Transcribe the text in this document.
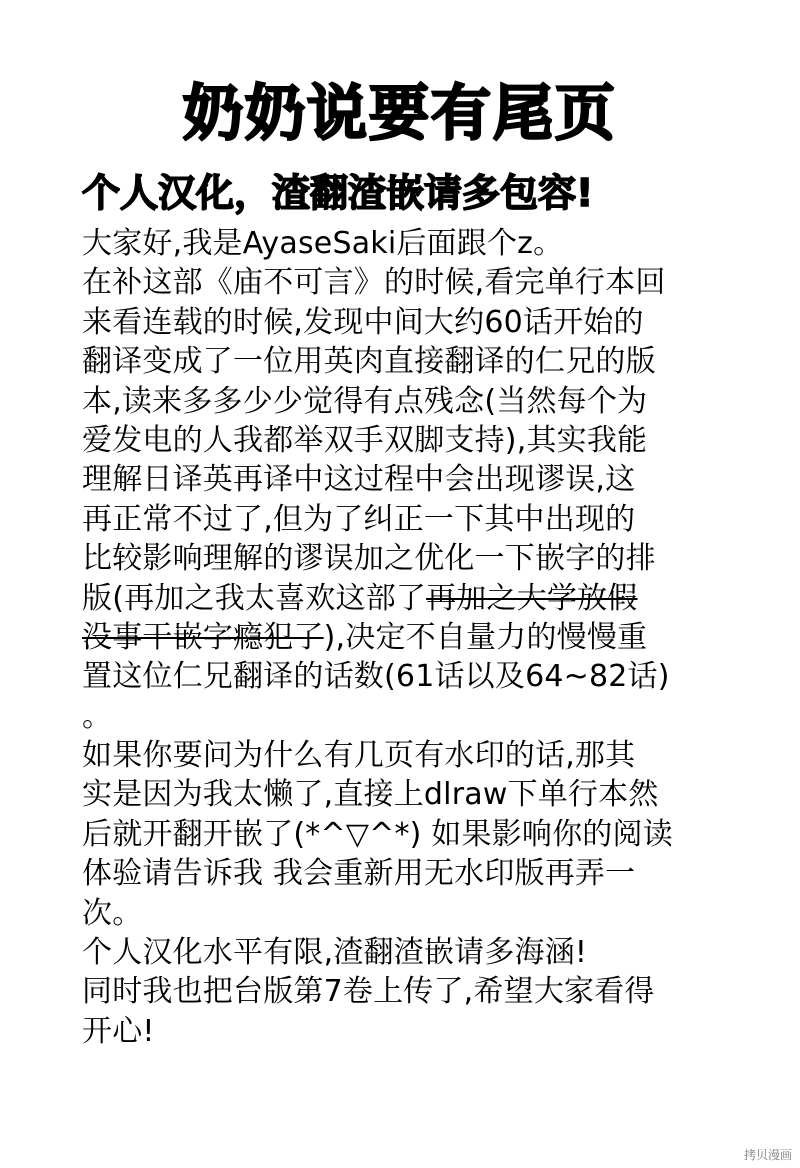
奶奶说要有尾页
个人汉化，渣翻渣嵌请多包容!
大家好,我是AyaseSaki后面跟个z。
在补这部《庙不可言》的时候,看完单行本回
来看连载的时候,发现中间大约60话开始的
翻译变成了一位用英肉直接翻译的仁兄的版
本,读来多多少少觉得有点残念(当然每个为
爱发电的人我都举双手双脚支持),其实我能
理解日译英再译中这过程中会出现谬误,这
再正常不过了,但为了纠正一下其中出现的
比较影响理解的谬误加之优化一下嵌字的排
版(再加之我太喜欢这部了再加之大学放假
没事干嵌字瘾犯了),决定不自量力的慢慢重
置这位仁兄翻译的话数(61话以及64~82话)
。
如果你要问为什么有几页有水印的话,那其
实是因为我太懒了,直接上dlraw下单行本然
后就开翻开嵌了(*^▽^*) 如果影响你的阅读
体验请告诉我 我会重新用无水印版再弄一
次。
个人汉化水平有限,渣翻渣嵌请多海涵!
同时我也把台版第7卷上传了,希望大家看得
开心!
拷贝漫画
